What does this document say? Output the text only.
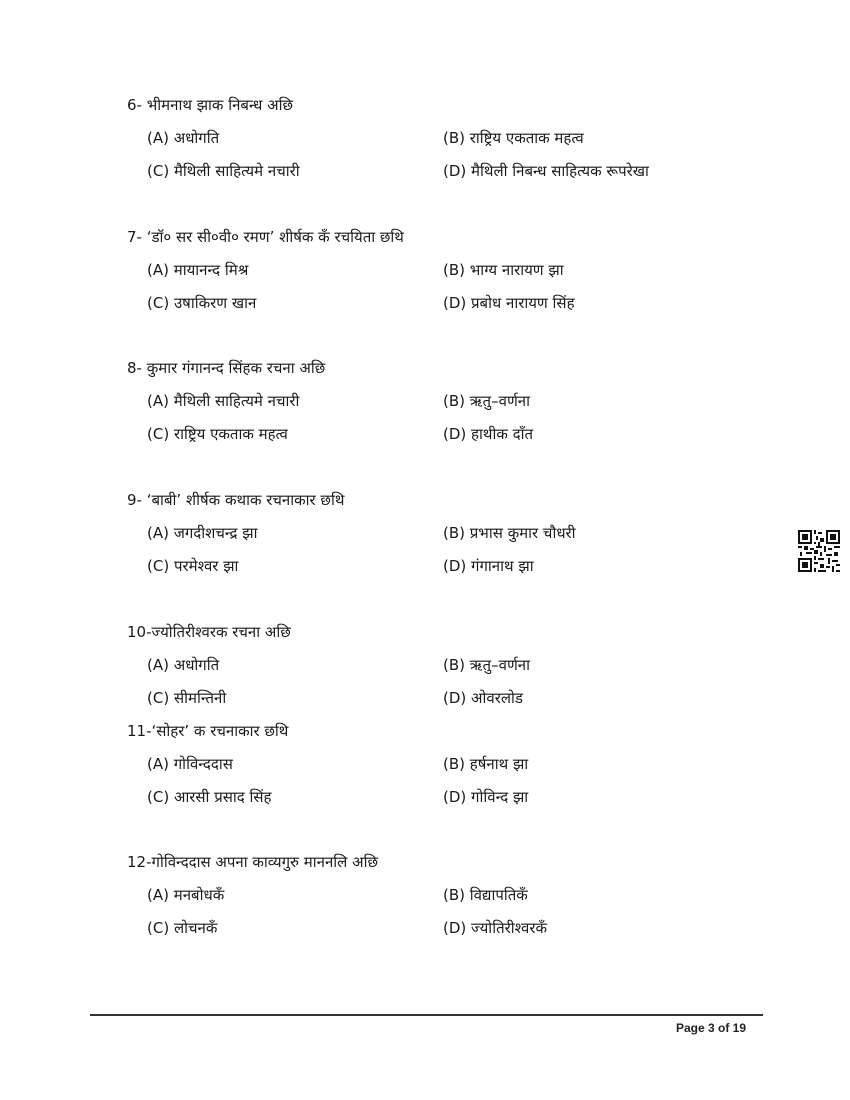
6- भीमनाथ झाक निबन्ध अछि
(A) अधोगति	(B) राष्ट्रिय एकताक महत्व
(C) मैथिली साहित्यमे नचारी	(D) मैथिली निबन्ध साहित्यक रूपरेखा
7- ‘डॉ० सर सी०वी० रमण’ शीर्षक कँ रचयिता छथि
(A) मायानन्द मिश्र	(B) भाग्य नारायण झा
(C) उषाकिरण खान	(D) प्रबोध नारायण सिंह
8- कुमार गंगानन्द सिंहक रचना अछि
(A) मैथिली साहित्यमे नचारी	(B) ऋतु–वर्णना
(C) राष्ट्रिय एकताक महत्व	(D) हाथीक दाँत
9- ‘बाबी’ शीर्षक कथाक रचनाकार छथि
(A) जगदीशचन्द्र झा	(B) प्रभास कुमार चौधरी
(C) परमेश्वर झा	(D) गंगानाथ झा
10-ज्योतिरीश्वरक रचना अछि
(A) अधोगति	(B) ऋतु–वर्णना
(C) सीमन्तिनी	(D) ओवरलोड
11-‘सोहर’ क रचनाकार छथि
(A) गोविन्ददास	(B) हर्षनाथ झा
(C) आरसी प्रसाद सिंह	(D) गोविन्द झा
12-गोविन्ददास अपना काव्यगुरु माननलि अछि
(A) मनबोधकँ	(B) विद्यापतिकँ
(C) लोचनकँ	(D) ज्योतिरीश्वरकँ
Page 3 of 19
